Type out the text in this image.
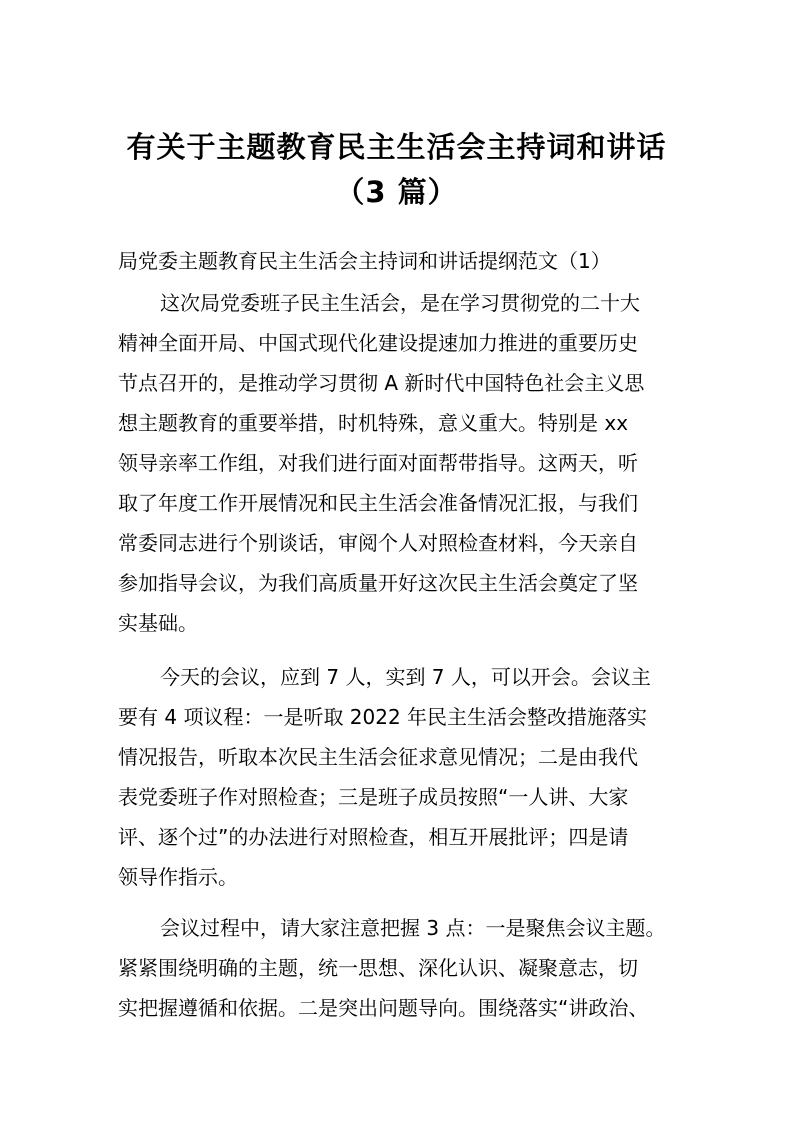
有关于主题教育民主生活会主持词和讲话
（3 篇）
局党委主题教育民主生活会主持词和讲话提纲范文（1）
这次局党委班子民主生活会，是在学习贯彻党的二十大
精神全面开局、中国式现代化建设提速加力推进的重要历史
节点召开的，是推动学习贯彻 A 新时代中国特色社会主义思
想主题教育的重要举措，时机特殊，意义重大。特别是 xx
领导亲率工作组，对我们进行面对面帮带指导。这两天，听
取了年度工作开展情况和民主生活会准备情况汇报，与我们
常委同志进行个别谈话，审阅个人对照检查材料，今天亲自
参加指导会议，为我们高质量开好这次民主生活会奠定了坚
实基础。
今天的会议，应到 7 人，实到 7 人，可以开会。会议主
要有 4 项议程：一是听取 2022 年民主生活会整改措施落实
情况报告，听取本次民主生活会征求意见情况；二是由我代
表党委班子作对照检查；三是班子成员按照“一人讲、大家
评、逐个过”的办法进行对照检查，相互开展批评；四是请
领导作指示。
会议过程中，请大家注意把握 3 点：一是聚焦会议主题。
紧紧围绕明确的主题，统一思想、深化认识、凝聚意志，切
实把握遵循和依据。二是突出问题导向。围绕落实“讲政治、
